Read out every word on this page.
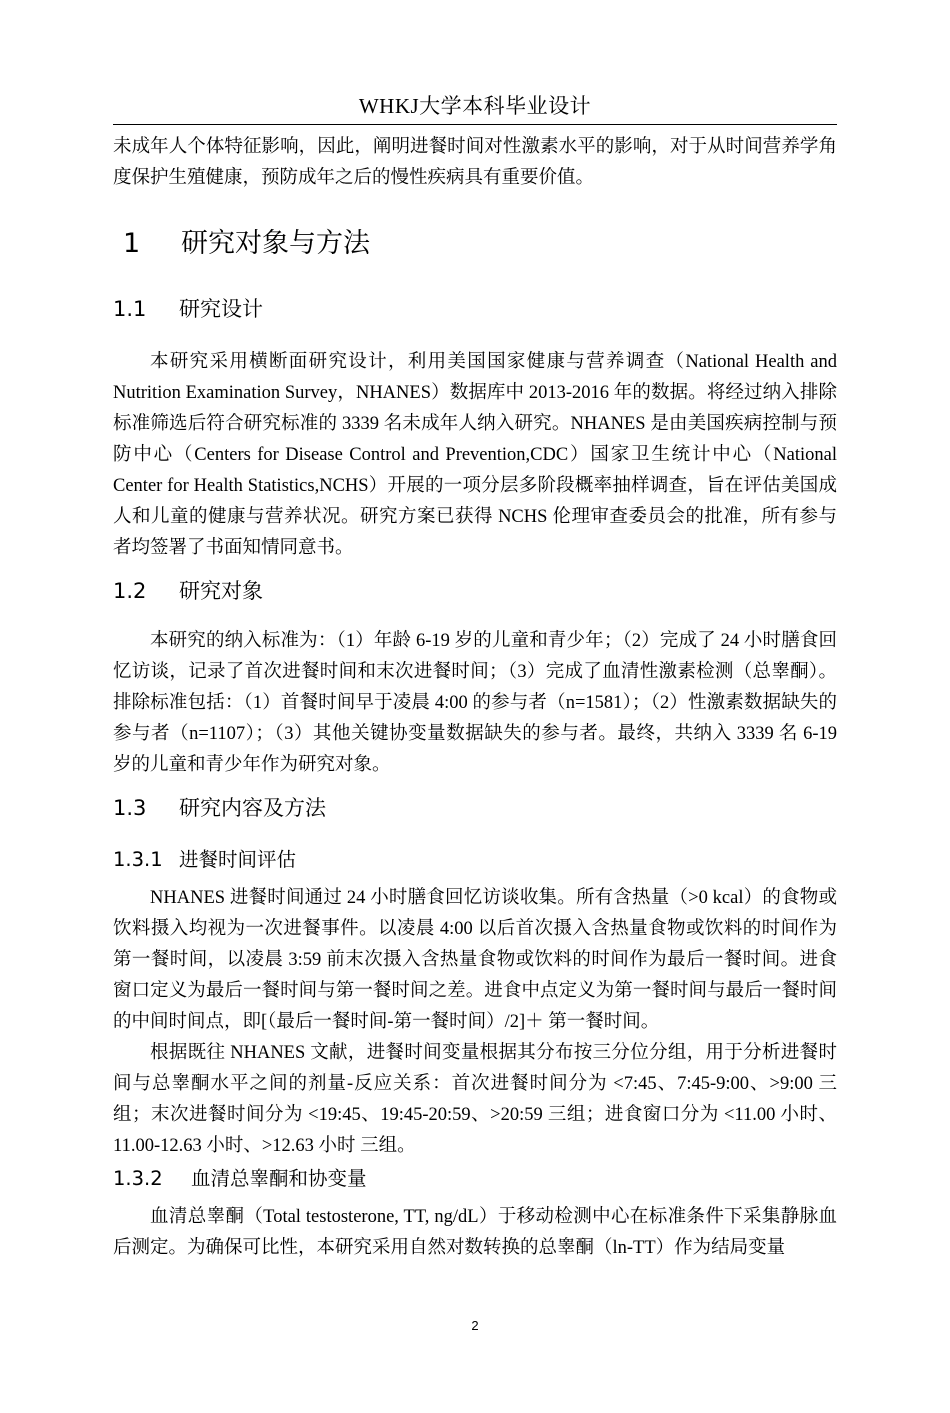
WHKJ大学本科毕业设计

未成年人个体特征影响，因此，阐明进餐时间对性激素水平的影响，对于从时间营养学角度保护生殖健康，预防成年之后的慢性疾病具有重要价值。

1 研究对象与方法
1.1 研究设计

本研究采用横断面研究设计，利用美国国家健康与营养调查（National Health and Nutrition Examination Survey，NHANES）数据库中 2013-2016 年的数据。将经过纳入排除标准筛选后符合研究标准的 3339 名未成年人纳入研究。NHANES 是由美国疾病控制与预防中心（Centers for Disease Control and Prevention,CDC）国家卫生统计中心（National Center for Health Statistics,NCHS）开展的一项分层多阶段概率抽样调查，旨在评估美国成人和儿童的健康与营养状况。研究方案已获得 NCHS 伦理审查委员会的批准，所有参与者均签署了书面知情同意书。

1.2 研究对象

本研究的纳入标准为：（1）年龄 6-19 岁的儿童和青少年；（2）完成了 24 小时膳食回忆访谈，记录了首次进餐时间和末次进餐时间；（3）完成了血清性激素检测（总睾酮）。排除标准包括：（1）首餐时间早于凌晨 4:00 的参与者（n=1581）；（2）性激素数据缺失的参与者（n=1107）；（3）其他关键协变量数据缺失的参与者。最终，共纳入 3339 名 6-19 岁的儿童和青少年作为研究对象。

1.3 研究内容及方法
1.3.1 进餐时间评估

NHANES 进餐时间通过 24 小时膳食回忆访谈收集。所有含热量（>0 kcal）的食物或饮料摄入均视为一次进餐事件。以凌晨 4:00 以后首次摄入含热量食物或饮料的时间作为第一餐时间，以凌晨 3:59 前末次摄入含热量食物或饮料的时间作为最后一餐时间。进食窗口定义为最后一餐时间与第一餐时间之差。进食中点定义为第一餐时间与最后一餐时间的中间时间点，即[（最后一餐时间-第一餐时间）/2]＋ 第一餐时间。

根据既往 NHANES 文献，进餐时间变量根据其分布按三分位分组，用于分析进餐时间与总睾酮水平之间的剂量-反应关系：首次进餐时间分为 <7:45、7:45-9:00、>9:00 三组；末次进餐时间分为 <19:45、19:45-20:59、>20:59 三组；进食窗口分为 <11.00 小时、11.00-12.63 小时、>12.63 小时 三组。

1.3.2 血清总睾酮和协变量

血清总睾酮（Total testosterone, TT, ng/dL）于移动检测中心在标准条件下采集静脉血后测定。为确保可比性，本研究采用自然对数转换的总睾酮（ln-TT）作为结局变量

2
